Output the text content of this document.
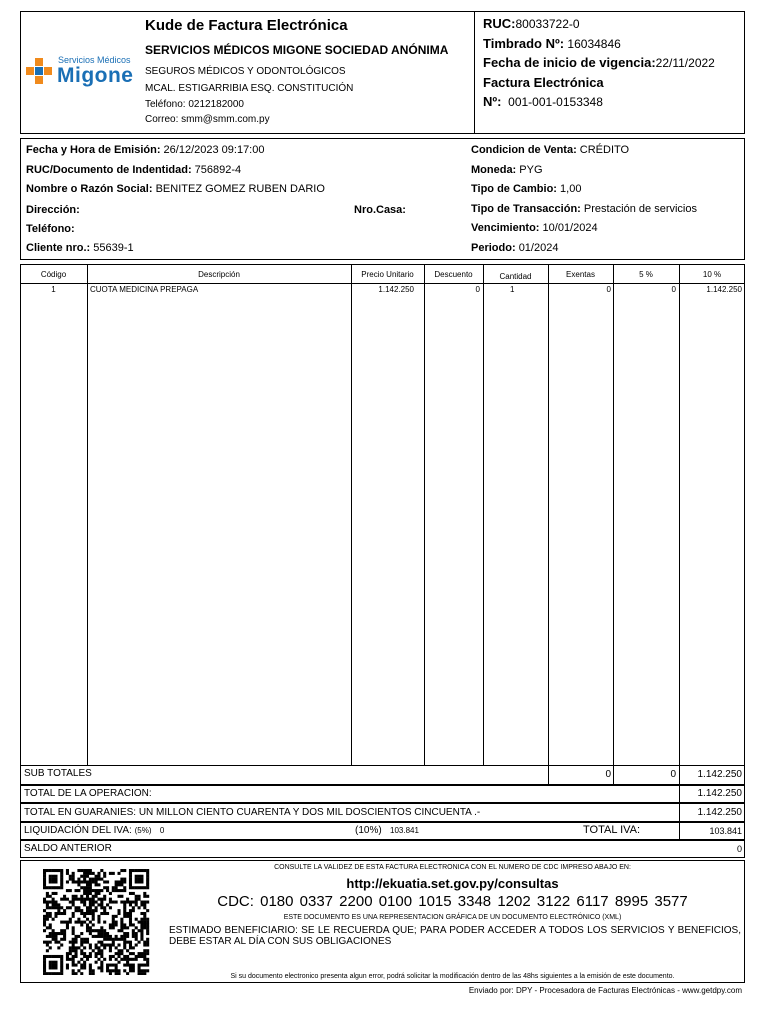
Servicios Médicos
Migone
Kude de Factura Electrónica
SERVICIOS MÉDICOS MIGONE SOCIEDAD ANÓNIMA
SEGUROS MÉDICOS Y ODONTOLÓGICOS
MCAL. ESTIGARRIBIA ESQ. CONSTITUCIÓN
Teléfono: 0212182000
Correo: smm@smm.com.py
RUC:80033722-0
Timbrado Nº: 16034846
Fecha de inicio de vigencia:22/11/2022
Factura Electrónica
Nº: 001-001-0153348
Fecha y Hora de Emisión: 26/12/2023 09:17:00
RUC/Documento de Indentidad: 756892-4
Nombre o Razón Social: BENITEZ GOMEZ RUBEN DARIO
Dirección:	Nro.Casa:
Teléfono:
Cliente nro.: 55639-1
Condicion de Venta: CRÉDITO
Moneda: PYG
Tipo de Cambio: 1,00
Tipo de Transacción: Prestación de servicios
Vencimiento: 10/01/2024
Periodo: 01/2024
Código	Descripción	Precio Unitario	Descuento	Cantidad	Exentas	5 %	10 %
1	CUOTA MEDICINA PREPAGA	1.142.250	0	1	0	0	1.142.250
SUB TOTALES	0	0	1.142.250
TOTAL DE LA OPERACION:	1.142.250
TOTAL EN GUARANIES: UN MILLON CIENTO CUARENTA Y DOS MIL DOSCIENTOS CINCUENTA .-	1.142.250
LIQUIDACIÓN DEL IVA: (5%) 0	(10%) 103.841	TOTAL IVA:	103.841
SALDO ANTERIOR	0
CONSULTE LA VALIDEZ DE ESTA FACTURA ELECTRONICA CON EL NUMERO DE CDC IMPRESO ABAJO EN:
http://ekuatia.set.gov.py/consultas
CDC: 0180 0337 2200 0100 1015 3348 1202 3122 6117 8995 3577
ESTE DOCUMENTO ES UNA REPRESENTACION GRÁFICA DE UN DOCUMENTO ELECTRÓNICO (XML)
ESTIMADO BENEFICIARIO: SE LE RECUERDA QUE; PARA PODER ACCEDER A TODOS LOS SERVICIOS Y BENEFICIOS, DEBE ESTAR AL DÍA CON SUS OBLIGACIONES
Si su documento electronico presenta algun error, podrá solicitar la modificación dentro de las 48hs siguientes a la emisión de este documento.
Enviado por: DPY - Procesadora de Facturas Electrónicas - www.getdpy.com
